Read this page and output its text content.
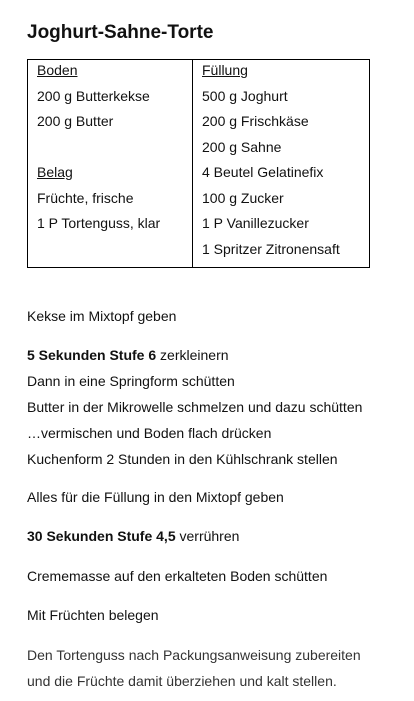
Joghurt-Sahne-Torte
Boden
200 g Butterkekse
200 g Butter
Belag
Früchte, frische
1 P Tortenguss, klar
Füllung
500 g Joghurt
200 g Frischkäse
200 g Sahne
4 Beutel Gelatinefix
100 g Zucker
1 P Vanillezucker
1 Spritzer Zitronensaft
Kekse im Mixtopf geben
5 Sekunden Stufe 6 zerkleinern
Dann in eine Springform schütten
Butter in der Mikrowelle schmelzen und dazu schütten
…vermischen und Boden flach drücken
Kuchenform 2 Stunden in den Kühlschrank stellen
Alles für die Füllung in den Mixtopf geben
30 Sekunden Stufe 4,5 verrühren
Crememasse auf den erkalteten Boden schütten
Mit Früchten belegen
Den Tortenguss nach Packungsanweisung zubereiten
und die Früchte damit überziehen und kalt stellen.
